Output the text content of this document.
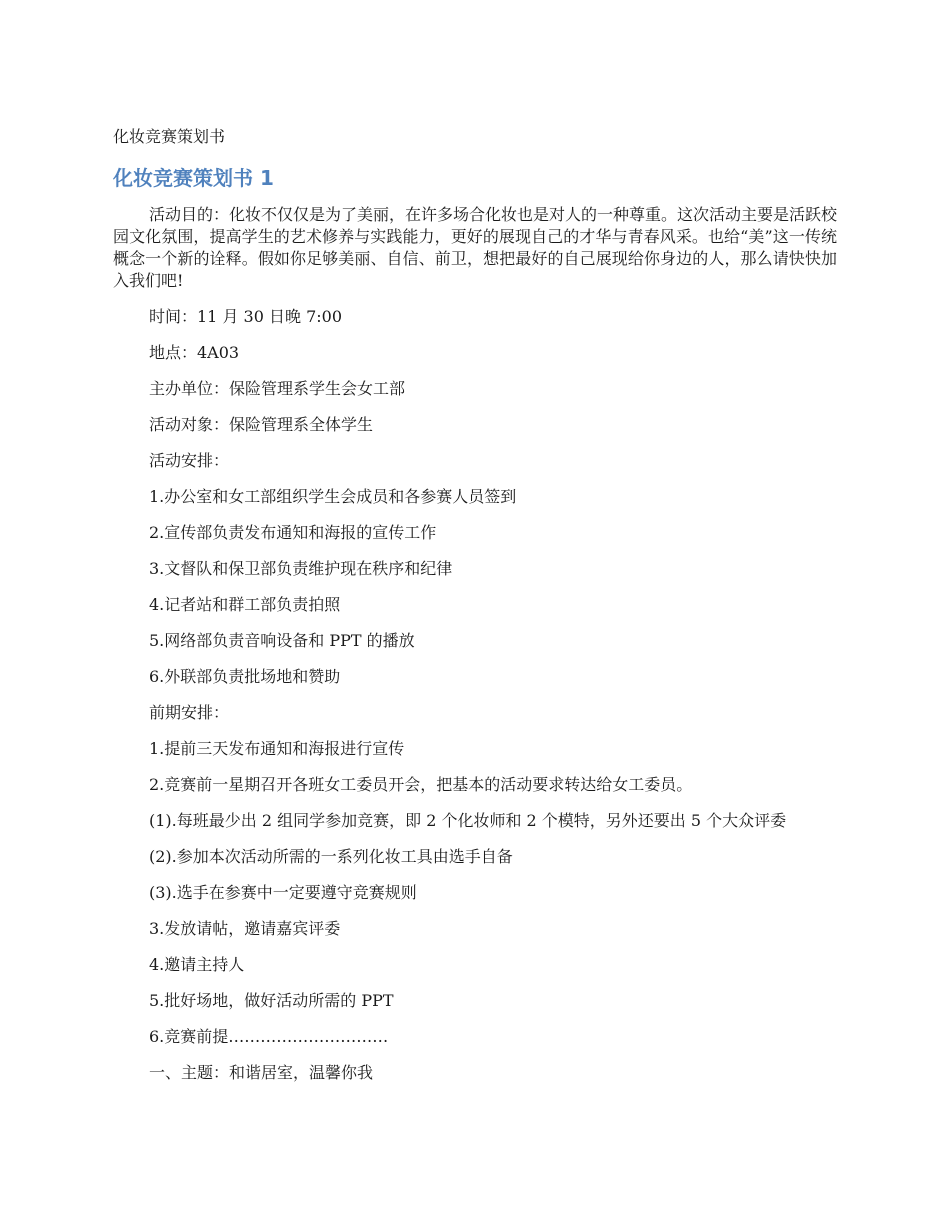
化妆竞赛策划书
化妆竞赛策划书 1

活动目的：化妆不仅仅是为了美丽，在许多场合化妆也是对人的一种尊重。这次活动主要是活跃校园文化氛围，提高学生的艺术修养与实践能力，更好的展现自己的才华与青春风采。也给“美”这一传统概念一个新的诠释。假如你足够美丽、自信、前卫，想把最好的自己展现给你身边的人，那么请快快加入我们吧!

时间：11 月 30 日晚 7:00

地点：4A03

主办单位：保险管理系学生会女工部

活动对象：保险管理系全体学生

活动安排：

1.办公室和女工部组织学生会成员和各参赛人员签到

2.宣传部负责发布通知和海报的宣传工作

3.文督队和保卫部负责维护现在秩序和纪律

4.记者站和群工部负责拍照

5.网络部负责音响设备和 PPT 的播放

6.外联部负责批场地和赞助

前期安排：

1.提前三天发布通知和海报进行宣传

2.竞赛前一星期召开各班女工委员开会，把基本的活动要求转达给女工委员。

(1).每班最少出 2 组同学参加竞赛，即 2 个化妆师和 2 个模特，另外还要出 5 个大众评委

(2).参加本次活动所需的一系列化妆工具由选手自备

(3).选手在参赛中一定要遵守竞赛规则

3.发放请帖，邀请嘉宾评委

4.邀请主持人

5.批好场地，做好活动所需的 PPT

6.竞赛前提…………………………

一、主题：和谐居室，温馨你我
